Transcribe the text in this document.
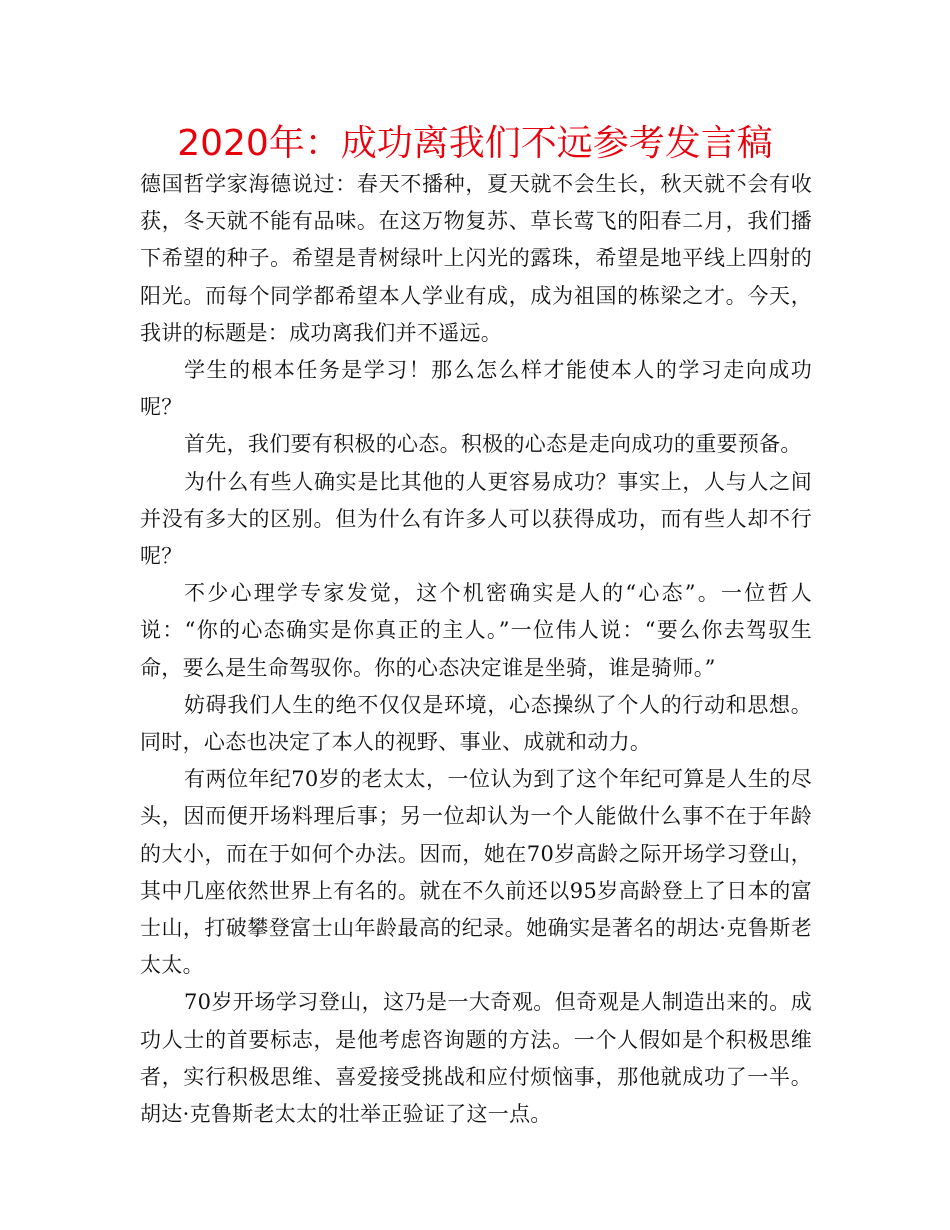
2020年：成功离我们不远参考发言稿

德国哲学家海德说过：春天不播种，夏天就不会生长，秋天就不会有收获，冬天就不能有品味。在这万物复苏、草长莺飞的阳春二月，我们播下希望的种子。希望是青树绿叶上闪光的露珠，希望是地平线上四射的阳光。而每个同学都希望本人学业有成，成为祖国的栋梁之才。今天，我讲的标题是：成功离我们并不遥远。

学生的根本任务是学习！那么怎么样才能使本人的学习走向成功呢？

首先，我们要有积极的心态。积极的心态是走向成功的重要预备。

为什么有些人确实是比其他的人更容易成功？事实上，人与人之间并没有多大的区别。但为什么有许多人可以获得成功，而有些人却不行呢？

不少心理学专家发觉，这个机密确实是人的“心态”。一位哲人说：“你的心态确实是你真正的主人。”一位伟人说：“要么你去驾驭生命，要么是生命驾驭你。你的心态决定谁是坐骑，谁是骑师。”

妨碍我们人生的绝不仅仅是环境，心态操纵了个人的行动和思想。同时，心态也决定了本人的视野、事业、成就和动力。

有两位年纪70岁的老太太，一位认为到了这个年纪可算是人生的尽头，因而便开场料理后事；另一位却认为一个人能做什么事不在于年龄的大小，而在于如何个办法。因而，她在70岁高龄之际开场学习登山，其中几座依然世界上有名的。就在不久前还以95岁高龄登上了日本的富士山，打破攀登富士山年龄最高的纪录。她确实是著名的胡达·克鲁斯老太太。

70岁开场学习登山，这乃是一大奇观。但奇观是人制造出来的。成功人士的首要标志，是他考虑咨询题的方法。一个人假如是个积极思维者，实行积极思维、喜爱接受挑战和应付烦恼事，那他就成功了一半。胡达·克鲁斯老太太的壮举正验证了这一点。
